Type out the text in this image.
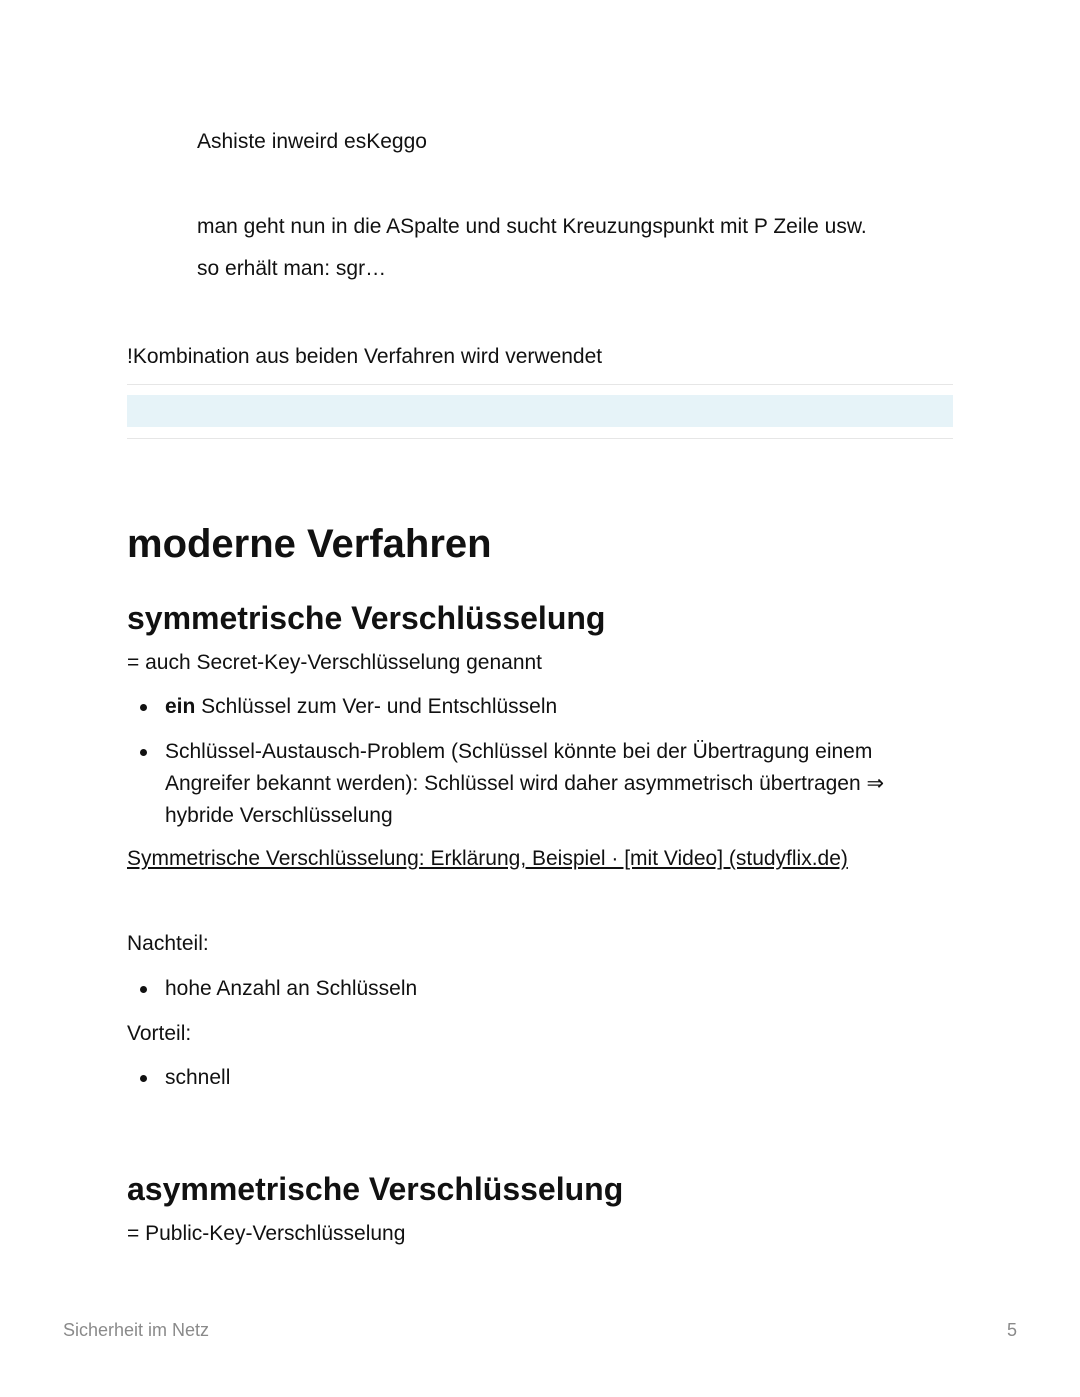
Ashiste inweird esKeggo
man geht nun in die ASpalte und sucht Kreuzungspunkt mit P Zeile usw.
so erhält man: sgr…
!Kombination aus beiden Verfahren wird verwendet
moderne Verfahren
symmetrische Verschlüsselung
= auch Secret-Key-Verschlüsselung genannt
ein Schlüssel zum Ver- und Entschlüsseln
Schlüssel-Austausch-Problem (Schlüssel könnte bei der Übertragung einem
Angreifer bekannt werden): Schlüssel wird daher asymmetrisch übertragen ⇒
hybride Verschlüsselung
Symmetrische Verschlüsselung: Erklärung, Beispiel · [mit Video] (studyflix.de)
Nachteil:
hohe Anzahl an Schlüsseln
Vorteil:
schnell
asymmetrische Verschlüsselung
= Public-Key-Verschlüsselung
Sicherheit im Netz	5
